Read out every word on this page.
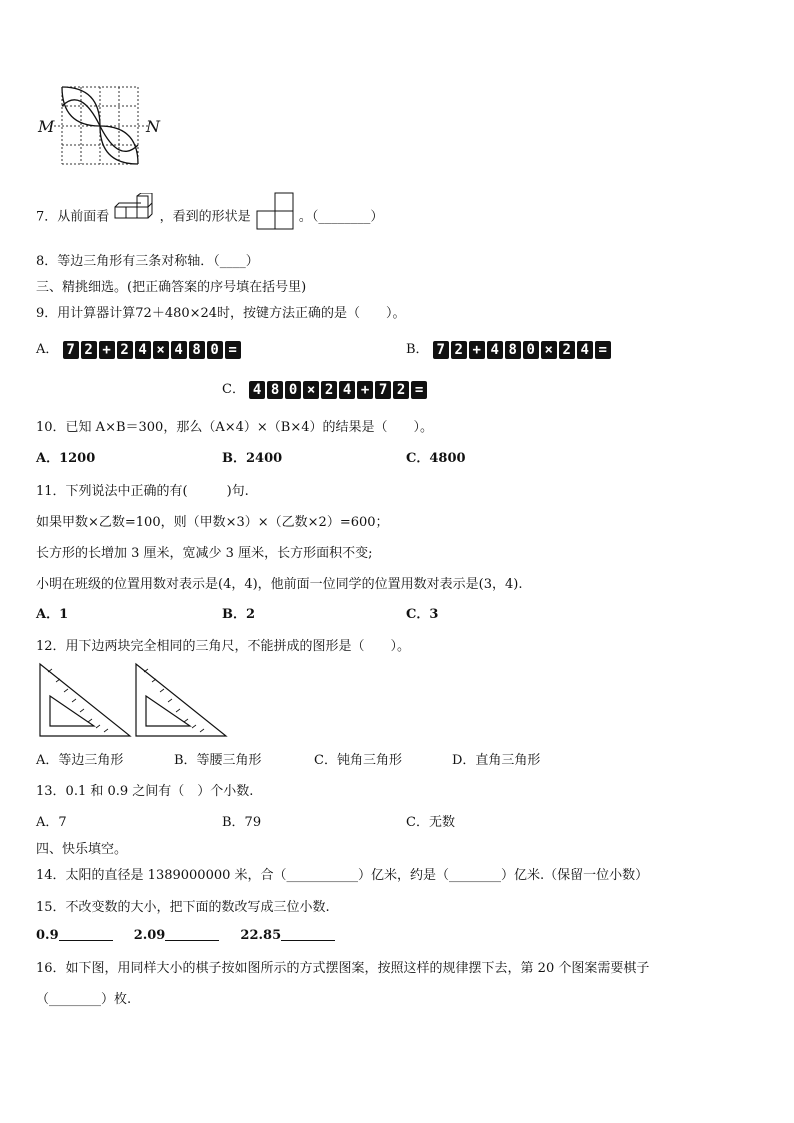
M	N
7．从前面看	，看到的形状是	。（________）
8．等边三角形有三条对称轴．（____）
三、精挑细选。(把正确答案的序号填在括号里)
9．用计算器计算72＋480×24时，按键方法正确的是（　　）。
A． 7 2 + 2 4 × 4 8 0 =	B． 7 2 + 4 8 0 × 2 4 =
C． 4 8 0 × 2 4 + 7 2 =
10．已知 A×B＝300，那么（A×4）×（B×4）的结果是（　　）。
A．1200	B．2400	C．4800
11．下列说法中正确的有(　　　)句.
如果甲数×乙数=100，则（甲数×3）×（乙数×2）=600；
长方形的长增加 3 厘米，宽减少 3 厘米，长方形面积不变;
小明在班级的位置用数对表示是(4，4)，他前面一位同学的位置用数对表示是(3，4).
A．1	B．2	C．3
12．用下边两块完全相同的三角尺，不能拼成的图形是（　　）。
A．等边三角形	B．等腰三角形	C．钝角三角形	D．直角三角形
13．0.1 和 0.9 之间有（　）个小数.
A．7	B．79	C．无数
四、快乐填空。
14．太阳的直径是 1389000000 米，合（___________）亿米，约是（________）亿米.（保留一位小数）
15．不改变数的大小，把下面的数改写成三位小数.
0.9	2.09	22.85
16．如下图，用同样大小的棋子按如图所示的方式摆图案，按照这样的规律摆下去，第 20 个图案需要棋子
（________）枚.
